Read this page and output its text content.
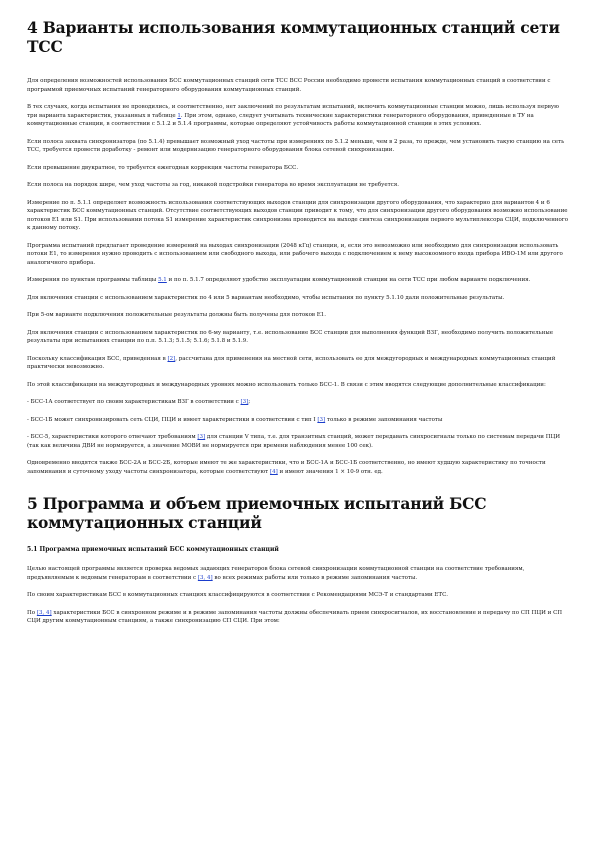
4 Варианты использования коммутационных станций сети ТСС

Для определения возможностей использования БСС коммутационных станций сети ТСС ВСС России необходимо провести испытания коммутационных станций в соответствии с программой приемочных испытаний генераторного оборудования коммутационных станций.

В тех случаях, когда испытания не проводились, и соответственно, нет заключений по результатам испытаний, включить коммутационные станции можно, лишь используя первую три варианта характеристик, указанных в таблице 1. При этом, однако, следует учитывать технические характеристики генераторного оборудования, приведенные в ТУ на коммутационные станции, в соответствии с 5.1.2 и 5.1.4 программы, которые определяют устойчивость работы коммутационной станции в этих условиях.

Если полоса захвата синхронизатора (по 5.1.4) превышает возможный уход частоты при измерениях по 5.1.2 меньше, чем в 2 раза, то прежде, чем установить такую станцию на сеть ТСС, требуется провести доработку - ремонт или модернизацию генераторного оборудования блока сетевой синхронизации.

Если превышение двукратное, то требуется ежегодная коррекция частоты генератора БСС.

Если полоса на порядок шире, чем уход частоты за год, никакой подстройки генератора во время эксплуатации не требуется.

Измерение по п. 5.1.1 определяет возможность использования соответствующих выходов станции для синхронизации другого оборудования, что характерно для вариантов 4 и 6 характеристик БСС коммутационных станций. Отсутствие соответствующих выходов станции приводит к тому, что для синхронизации другого оборудования возможно использование потоков Е1 или S1. При использовании потока S1 измерение характеристик синхронизма проводится на выходе синтеза синхронизации первого мультиплексора СЦИ, подключенного к данному потоку.

Программа испытаний предлагает проведение измерений на выходах синхронизации (2048 кГц) станции, и, если это невозможно или необходимо для синхронизации использовать потоки Е1, то измерения нужно проводить с использованием или свободного выхода, или рабочего выхода с подключением к нему высокоомного входа прибора ИВО-1М или другого аналогичного прибора.

Измерения по пунктам программы таблицы 5.1 и по п. 5.1.7 определяют удобство эксплуатации коммутационной станции на сети ТСС при любом варианте подключения.

Для включения станции с использованием характеристик по 4 или 5 вариантам необходимо, чтобы испытания по пункту 5.1.10 дали положительные результаты.

При 5-ом варианте подключения положительные результаты должны быть получены для потоков Е1.

Для включения станции с использованием характеристик по 6-му варианту, т.е. использование БСС станции для выполнения функций ВЗГ, необходимо получить положительные результаты при испытаниях станции по п.п. 5.1.3; 5.1.5; 5.1.6; 5.1.8 и 5.1.9.

Поскольку классификация БСС, приведенная в [2], рассчитана для применения на местной сети, использовать ее для междугородных и международных коммутационных станций практически невозможно.

По этой классификации на междугородных и международных уровнях можно использовать только БСС-1. В связи с этим вводятся следующие дополнительные классификации:

- БСС-1А соответствует по своим характеристикам ВЗГ в соответствии с [3];

- БСС-1Б может синхронизировать сеть СЦИ, ПЦИ и имеет характеристики в соответствии с тип I [3] только в режиме запоминания частоты

- БСС-5, характеристики которого отвечают требованиям [3] для станции V типа, т.е. для транзитных станций, может передавать синхросигналы только по системам передачи ПЦИ (так как величина ДВИ не нормируется, а значение МОВИ не нормируется при времени наблюдения менее 100 сек).

Одновременно вводятся также БСС-2А и БСС-2Б, которые имеют те же характеристики, что и БСС-1А и БСС-1Б соответственно, но имеют худшую характеристику по точности запоминания и суточному уходу частоты синхронизатора, которые соответствуют [4] и имеют значения 1 × 10-9 отн. ед.

5 Программа и объем приемочных испытаний БСС коммутационных станций
5.1 Программа приемочных испытаний БСС коммутационных станций

Целью настоящей программы является проверка ведомых задающих генераторов блока сетевой синхронизации коммутационной станции на соответствие требованиям, предъявляемым к ведомым генераторам в соответствии с [3, 4] во всех режимах работы или только в режиме запоминания частоты.

По своим характеристикам БСС в коммутационных станциях классифицируются в соответствии с Рекомендациями МСЭ-Т и стандартами ЕТС.

По [3, 4] характеристики БСС в синхронном режиме и в режиме запоминания частоты должны обеспечивать прием синхросигналов, их восстановление и передачу по СП ПЦИ и СП СЦИ другим коммутационным станциям, а также синхронизацию СП СЦИ. При этом:
